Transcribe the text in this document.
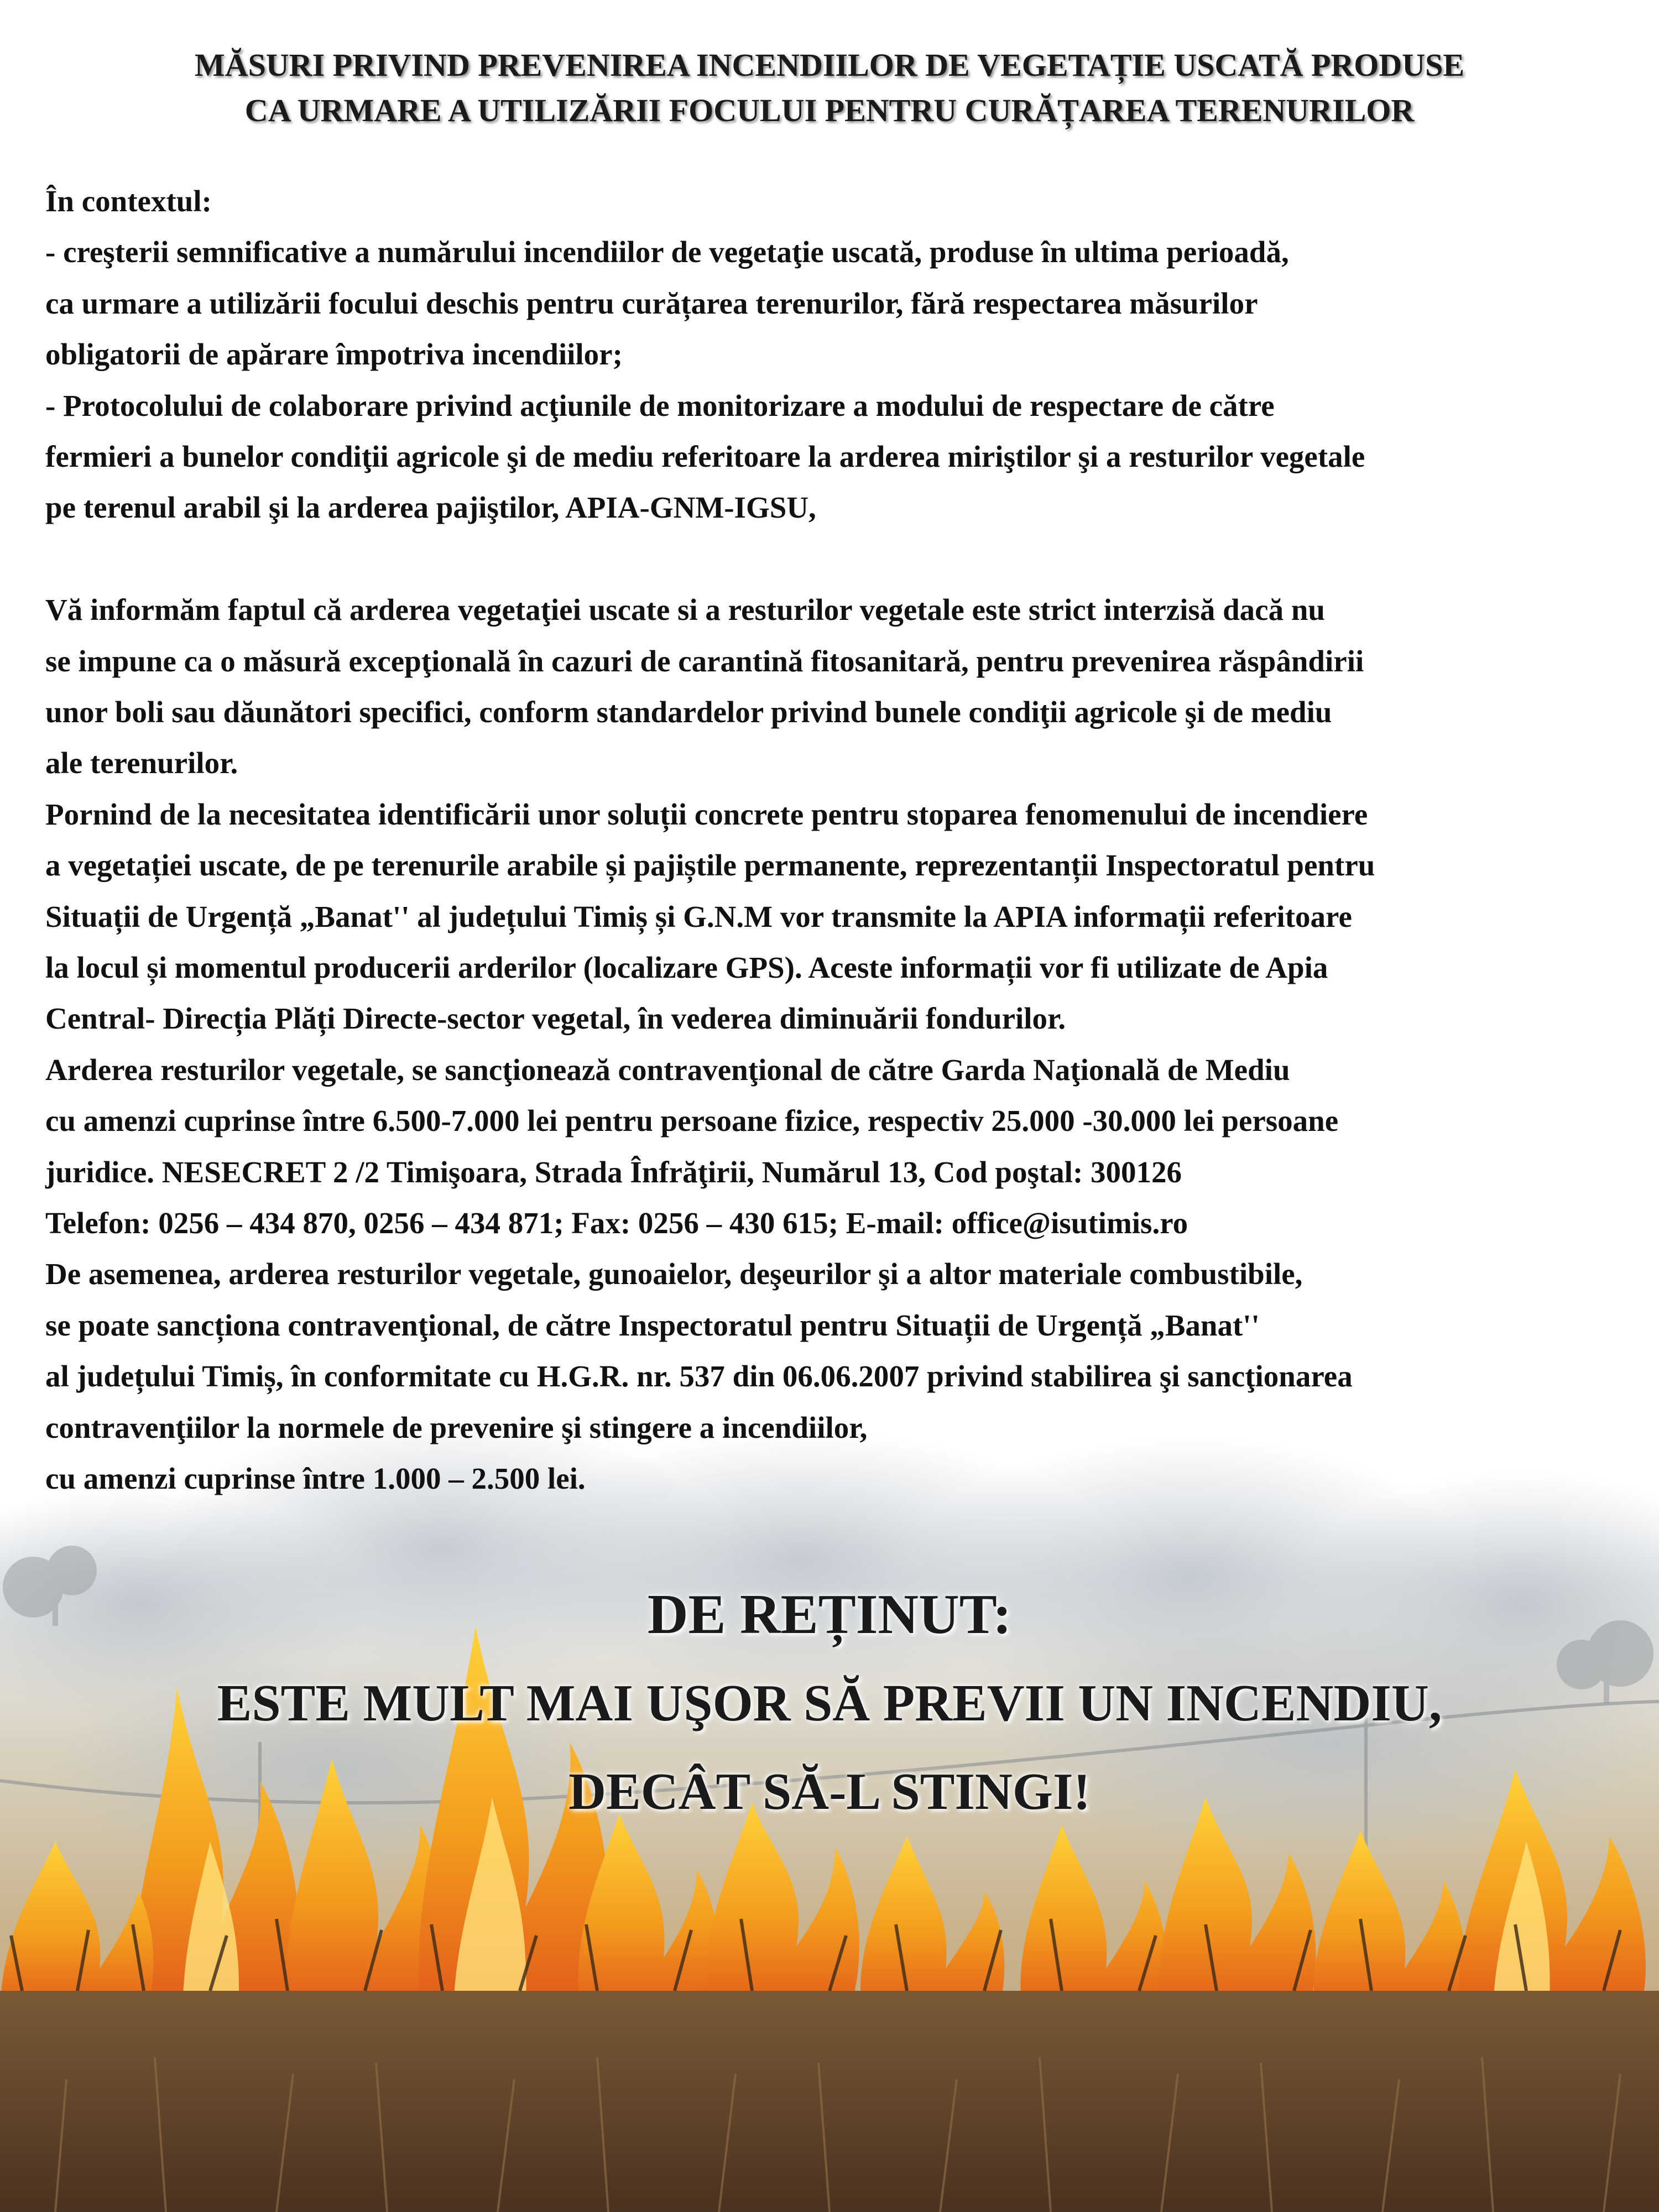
MĂSURI PRIVIND PREVENIREA INCENDIILOR DE VEGETAȚIE USCATĂ PRODUSE
CA URMARE A UTILIZĂRII FOCULUI PENTRU CURĂȚAREA TERENURILOR
În contextul:
- creşterii semnificative a numărului incendiilor de vegetaţie uscată, produse în ultima perioadă,
ca urmare a utilizării focului deschis pentru curățarea terenurilor, fără respectarea măsurilor
obligatorii de apărare împotriva incendiilor;
- Protocolului de colaborare privind acţiunile de monitorizare a modului de respectare de către
fermieri a bunelor condiţii agricole şi de mediu referitoare la arderea miriştilor şi a resturilor vegetale
pe terenul arabil şi la arderea pajiştilor, APIA-GNM-IGSU,
Vă informăm faptul că arderea vegetaţiei uscate si a resturilor vegetale este strict interzisă dacă nu
se impune ca o măsură excepţională în cazuri de carantină fitosanitară, pentru prevenirea răspândirii
unor boli sau dăunători specifici, conform standardelor privind bunele condiţii agricole şi de mediu
ale terenurilor.
Pornind de la necesitatea identificării unor soluții concrete pentru stoparea fenomenului de incendiere
a vegetației uscate, de pe terenurile arabile și pajiștile permanente, reprezentanții Inspectoratul pentru
Situații de Urgență „Banat'' al județului Timiș și G.N.M vor transmite la APIA informații referitoare
la locul și momentul producerii arderilor (localizare GPS). Aceste informații vor fi utilizate de Apia
Central- Direcția Plăți Directe-sector vegetal, în vederea diminuării fondurilor.
Arderea resturilor vegetale, se sancţionează contravenţional de către Garda Naţională de Mediu
cu amenzi cuprinse între 6.500-7.000 lei pentru persoane fizice, respectiv 25.000 -30.000 lei persoane
juridice. NESECRET 2 /2 Timişoara, Strada Înfrăţirii, Numărul 13, Cod poştal: 300126
Telefon: 0256 – 434 870, 0256 – 434 871; Fax: 0256 – 430 615; E-mail: office@isutimis.ro
De asemenea, arderea resturilor vegetale, gunoaielor, deşeurilor şi a altor materiale combustibile,
se poate sancționa contravenţional, de către Inspectoratul pentru Situații de Urgență „Banat''
al județului Timiș, în conformitate cu H.G.R. nr. 537 din 06.06.2007 privind stabilirea şi sancţionarea
contravenţiilor la normele de prevenire şi stingere a incendiilor,
cu amenzi cuprinse între 1.000 – 2.500 lei.
DE REȚINUT:
ESTE MULT MAI UŞOR SĂ PREVII UN INCENDIU,
DECÂT SĂ-L STINGI!
